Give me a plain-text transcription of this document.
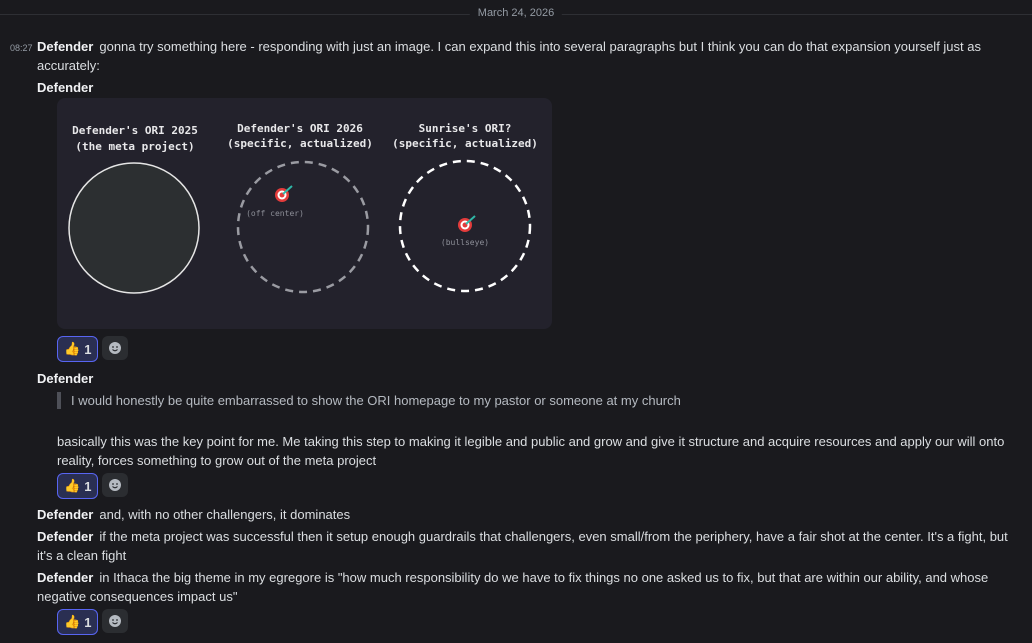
March 24, 2026
08:27 Defender gonna try something here - responding with just an image. I can expand this into several paragraphs but I think you can do that expansion yourself just as accurately:
Defender
Defender's ORI 2025
(the meta project)
Defender's ORI 2026
(specific, actualized)
(off center)
Sunrise's ORI?
(specific, actualized)
(bullseye)
👍 1
Defender
I would honestly be quite embarrassed to show the ORI homepage to my pastor or someone at my church
basically this was the key point for me. Me taking this step to making it legible and public and grow and give it structure and acquire resources and apply our will onto reality, forces something to grow out of the meta project
👍 1
Defender and, with no other challengers, it dominates
Defender if the meta project was successful then it setup enough guardrails that challengers, even small/from the periphery, have a fair shot at the center. It's a fight, but it's a clean fight
Defender in Ithaca the big theme in my egregore is "how much responsibility do we have to fix things no one asked us to fix, but that are within our ability, and whose negative consequences impact us"
👍 1
